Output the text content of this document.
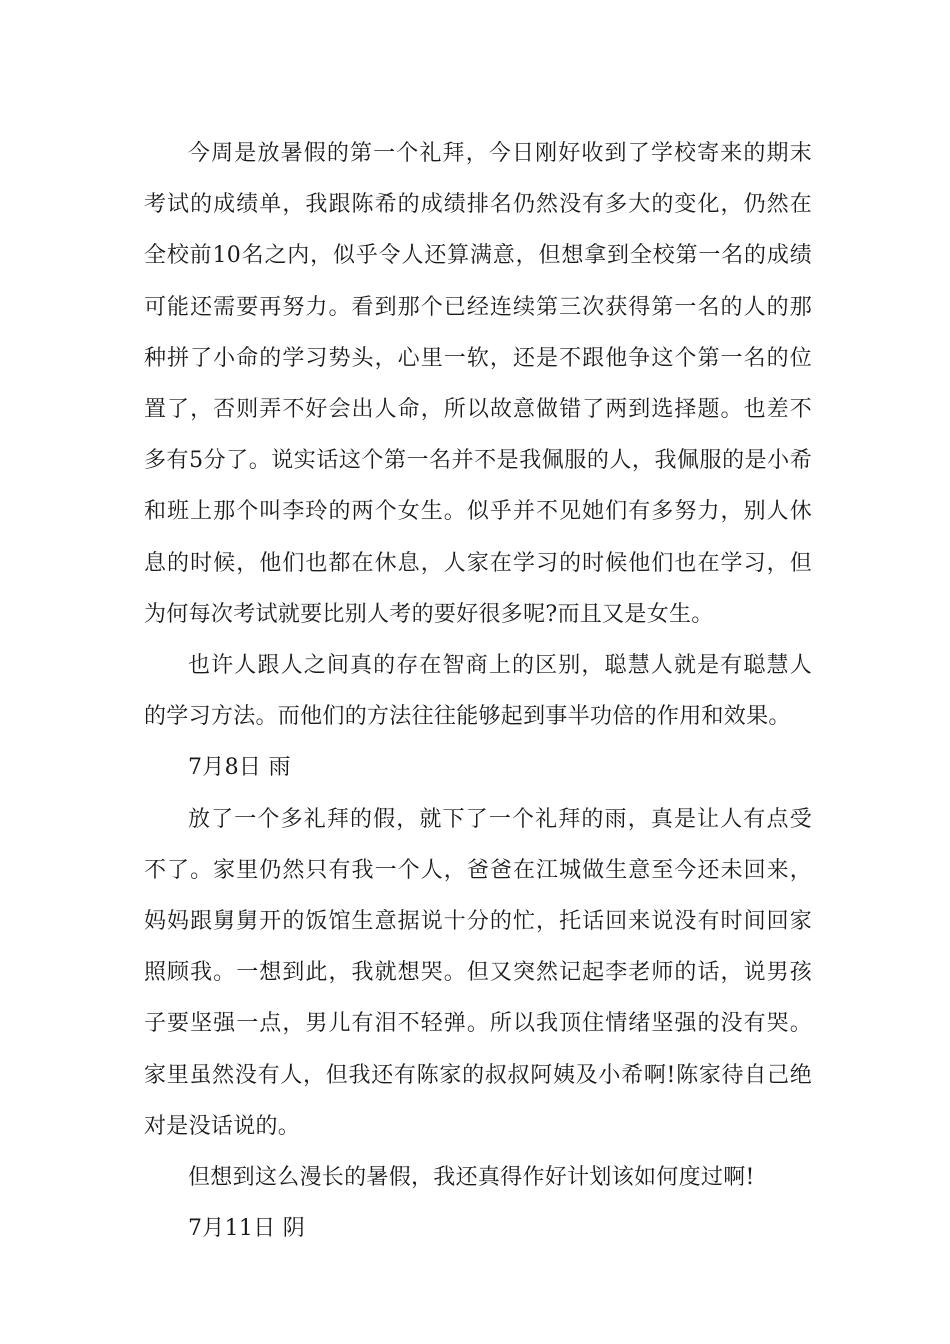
今周是放暑假的第一个礼拜，今日刚好收到了学校寄来的期末考试的成绩单，我跟陈希的成绩排名仍然没有多大的变化，仍然在全校前10名之内，似乎令人还算满意，但想拿到全校第一名的成绩可能还需要再努力。看到那个已经连续第三次获得第一名的人的那种拼了小命的学习势头，心里一软，还是不跟他争这个第一名的位置了，否则弄不好会出人命，所以故意做错了两到选择题。也差不多有5分了。说实话这个第一名并不是我佩服的人，我佩服的是小希和班上那个叫李玲的两个女生。似乎并不见她们有多努力，别人休息的时候，他们也都在休息，人家在学习的时候他们也在学习，但为何每次考试就要比别人考的要好很多呢?而且又是女生。

也许人跟人之间真的存在智商上的区别，聪慧人就是有聪慧人的学习方法。而他们的方法往往能够起到事半功倍的作用和效果。

7月8日 雨

放了一个多礼拜的假，就下了一个礼拜的雨，真是让人有点受不了。家里仍然只有我一个人，爸爸在江城做生意至今还未回来，妈妈跟舅舅开的饭馆生意据说十分的忙，托话回来说没有时间回家照顾我。一想到此，我就想哭。但又突然记起李老师的话，说男孩子要坚强一点，男儿有泪不轻弹。所以我顶住情绪坚强的没有哭。家里虽然没有人，但我还有陈家的叔叔阿姨及小希啊!陈家待自己绝对是没话说的。

但想到这么漫长的暑假，我还真得作好计划该如何度过啊!

7月11日 阴
